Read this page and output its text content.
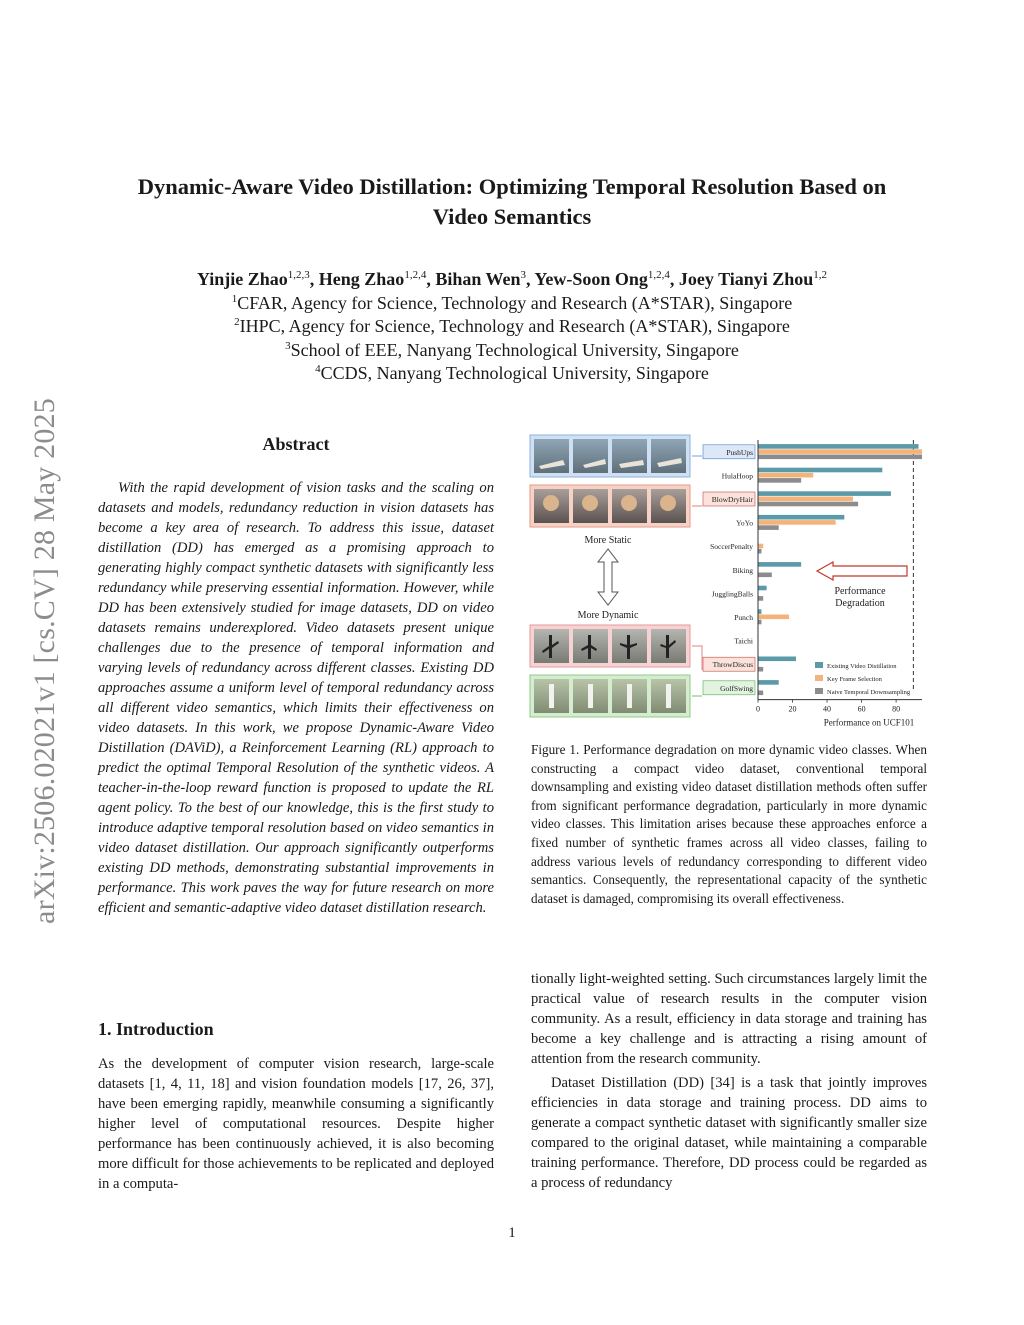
Dynamic-Aware Video Distillation: Optimizing Temporal Resolution Based on
Video Semantics
Yinjie Zhao$^{1,2,3}$, Heng Zhao$^{1,2,4}$, Bihan Wen$^3$, Yew-Soon Ong$^{1,2,4}$, Joey Tianyi Zhou$^{1,2}$
$^1$CFAR, Agency for Science, Technology and Research (A*STAR), Singapore
$^2$IHPC, Agency for Science, Technology and Research (A*STAR), Singapore
$^3$School of EEE, Nanyang Technological University, Singapore
$^4$CCDS, Nanyang Technological University, Singapore
arXiv:2506.02021v1 [cs.CV] 28 May 2025	Abstract

With the rapid development of vision tasks and the scaling on datasets and models, redundancy reduction in vision datasets has become a key area of research. To address this issue, dataset distillation (DD) has emerged as a promising approach to generating highly compact synthetic datasets with significantly less redundancy while preserving essential information. However, while DD has been extensively studied for image datasets, DD on video datasets remains underexplored. Video datasets present unique challenges due to the presence of temporal information and varying levels of redundancy across different classes. Existing DD approaches assume a uniform level of temporal redundancy across all different video semantics, which limits their effectiveness on video datasets. In this work, we propose Dynamic-Aware Video Distillation (DAViD), a Reinforcement Learning (RL) approach to predict the optimal Temporal Resolution of the synthetic videos. A teacher-in-the-loop reward function is proposed to update the RL agent policy. To the best of our knowledge, this is the first study to introduce adaptive temporal resolution based on video semantics in video dataset distillation. Our approach significantly outperforms existing DD methods, demonstrating substantial improvements in performance. This work paves the way for future research on more efficient and semantic-adaptive video dataset distillation research.

1. Introduction

As the development of computer vision research, large-scale datasets [1, 4, 11, 18] and vision foundation models [17, 26, 37], have been emerging rapidly, meanwhile consuming a significantly higher level of computational resources. Despite higher performance has been continuously achieved, it is also becoming more difficult for those achievements to be replicated and deployed in a computa-

More Static
More Dynamic
PushUps
HulaHoop
BlowDryHair
YoYo
SoccerPenalty
Biking
JugglingBalls
Punch
Taichi
ThrowDiscus
GolfSwing
0	20	40	60	80
Performance on UCF101
Performance
Degradation
Existing Video Distillation
Key Frame Selection
Naive Temporal Downsampling

Figure 1. Performance degradation on more dynamic video classes. When constructing a compact video dataset, conventional temporal downsampling and existing video dataset distillation methods often suffer from significant performance degradation, particularly in more dynamic video classes. This limitation arises because these approaches enforce a fixed number of synthetic frames across all video classes, failing to address various levels of redundancy corresponding to different video semantics. Consequently, the representational capacity of the synthetic dataset is damaged, compromising its overall effectiveness.

tionally light-weighted setting. Such circumstances largely limit the practical value of research results in the computer vision community. As a result, efficiency in data storage and training has become a key challenge and is attracting a rising amount of attention from the research community.

Dataset Distillation (DD) [34] is a task that jointly improves efficiencies in data storage and training process. DD aims to generate a compact synthetic dataset with significantly smaller size compared to the original dataset, while maintaining a comparable training performance. Therefore, DD process could be regarded as a process of redundancy

1
